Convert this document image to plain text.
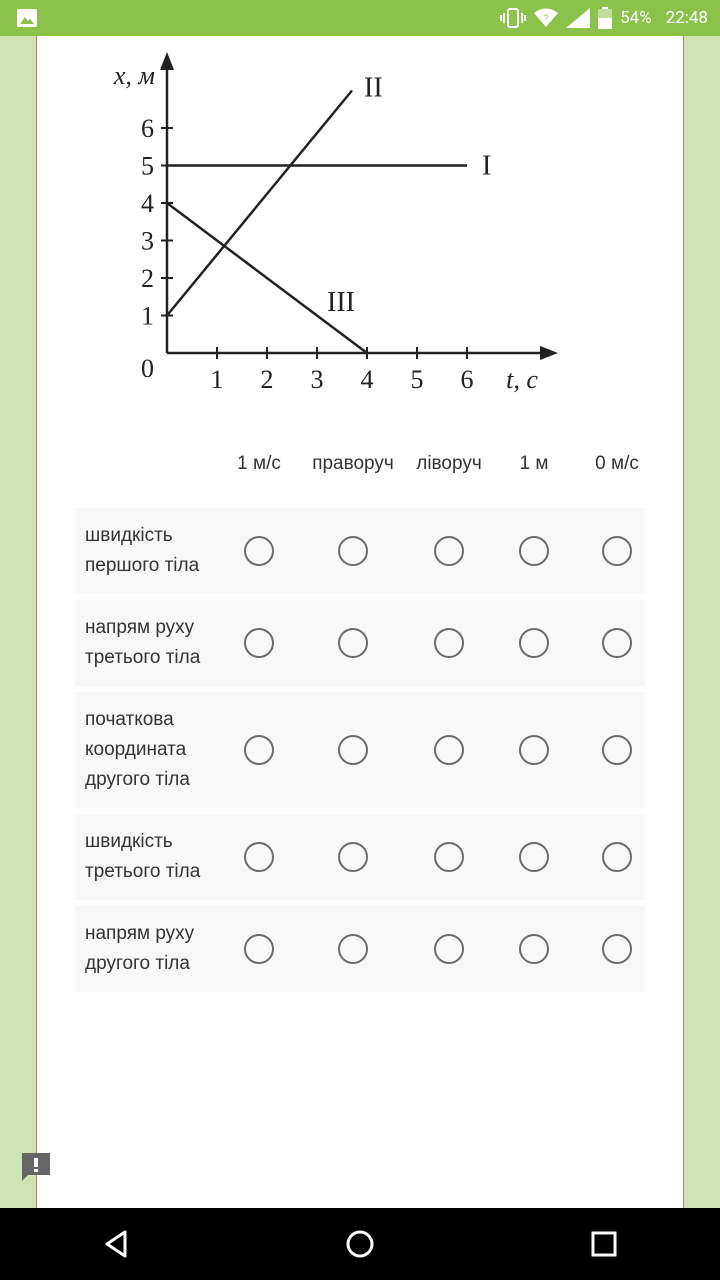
?	54% 22:48
1 2 3 4 5 6
1
2
3
4
5
6
0	t, с
x, м
I
II
III
1 м/с праворуч ліворуч 1 м 0 м/с
швидкість першого тіла
напрям руху третього тіла
початкова координата другого тіла
швидкість третього тіла
напрям руху другого тіла
